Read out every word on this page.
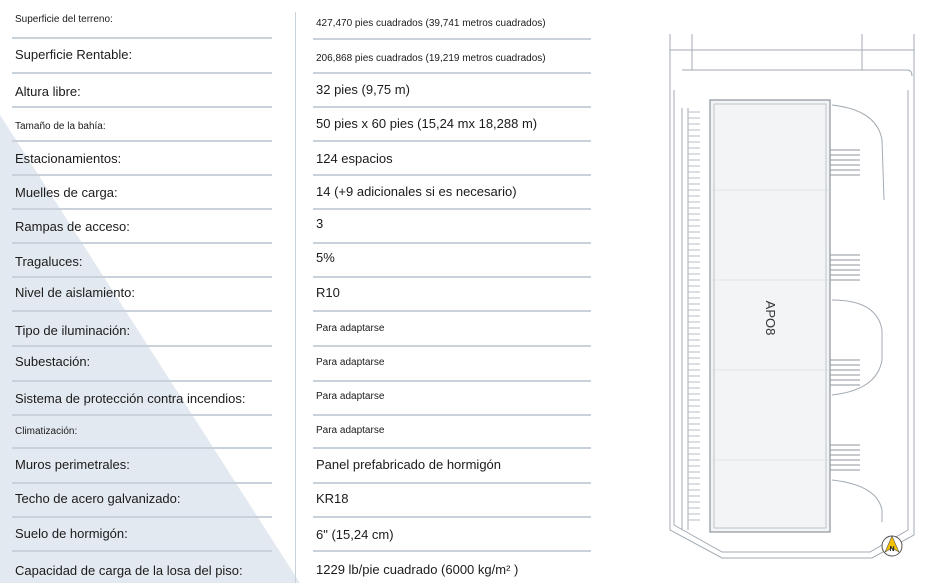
Superficie del terreno:
Superficie Rentable:
Altura libre:
Tamaño de la bahía:
Estacionamientos:
Muelles de carga:
Rampas de acceso:
Tragaluces:
Nivel de aislamiento:
Tipo de iluminación:
Subestación:
Sistema de protección contra incendios:
Climatización:
Muros perimetrales:
Techo de acero galvanizado:
Suelo de hormigón:
Capacidad de carga de la losa del piso:
427,470 pies cuadrados (39,741 metros cuadrados)
206,868 pies cuadrados (19,219 metros cuadrados)
32 pies (9,75 m)
50 pies x 60 pies (15,24 mx 18,288 m)
124 espacios
14 (+9 adicionales si es necesario)
3
5%
R10
Para adaptarse
Para adaptarse
Para adaptarse
Para adaptarse
Panel prefabricado de hormigón
KR18
6" (15,24 cm)
1229 lb/pie cuadrado (6000 kg/m² )
APO8
N
